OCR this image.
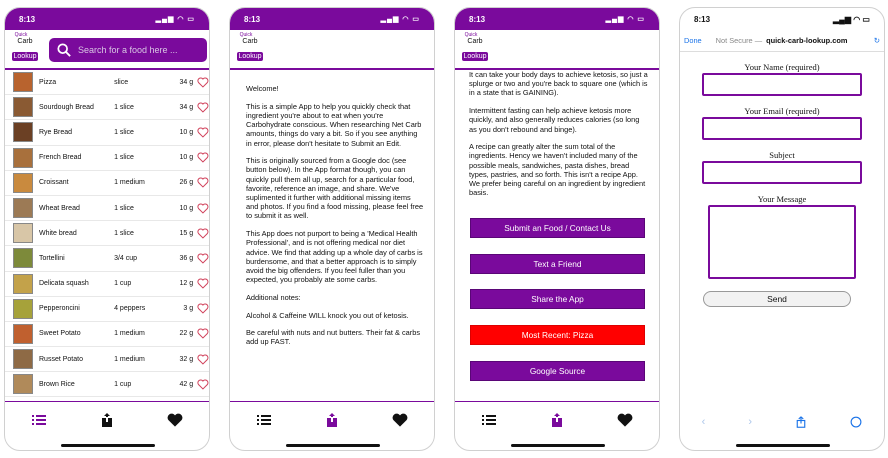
8:13	▂▄▆ ◠ ▭
Quick
Carb
Lookup
Search for a food here ...
Pizza	slice	34 g
Sourdough Bread	1 slice	34 g
Rye Bread	1 slice	10 g
French Bread	1 slice	10 g
Croissant	1 medium	26 g
Wheat Bread	1 slice	10 g
White bread	1 slice	15 g
Tortellini	3/4 cup	36 g
Delicata squash	1 cup	12 g
Pepperoncini	4 peppers	3 g
Sweet Potato	1 medium	22 g
Russet Potato	1 medium	32 g
Brown Rice	1 cup	42 g
8:13	▂▄▆ ◠ ▭
Quick
Carb
Lookup

Welcome!

This is a simple App to help you quickly check that ingredient you're about to eat when you're Carbohydrate conscious. When researching Net Carb amounts, things do vary a bit. So if you see anything in error, please don't hesitate to Submit an Edit.

This is originally sourced from a Google doc (see button below). In the App format though, you can quickly pull them all up, search for a particular food, favorite, reference an image, and share. We've suplimented it further with additional missing items and photos. If you find a food missing, please feel free to submit it as well.

This App does not purport to being a 'Medical Health Professional', and is not offering medical nor diet advice. We find that adding up a whole day of carbs is burdensome, and that a better approach is to simply avoid the big offenders. If you feel fuller than you expected, you probably ate some carbs.

Additional notes:

Alcohol & Caffeine WILL knock you out of ketosis.

Be careful with nuts and nut butters. Their fat & carbs add up FAST.

8:13	▂▄▆ ◠ ▭
Quick
Carb
Lookup

It can take your body days to achieve ketosis, so just a splurge or two and you're back to square one (which is in a state that is GAINING).

Intermittent fasting can help achieve ketosis more quickly, and also generally reduces calories (so long as you don't rebound and binge).

A recipe can greatly alter the sum total of the ingredients. Hency we haven't included many of the possible meals, sandwiches, pasta dishes, bread types, pastries, and so forth. This isn't a recipe App. We prefer being careful on an ingredient by ingredient basis.

Submit an Food / Contact Us
Text a Friend
Share the App
Most Recent: Pizza
Google Source
8:13	▂▄▆ ◠ ▭
Done Not Secure — quick-carb-lookup.com	↻
Your Name (required)
Your Email (required)
Subject
Your Message
Send
‹	›
